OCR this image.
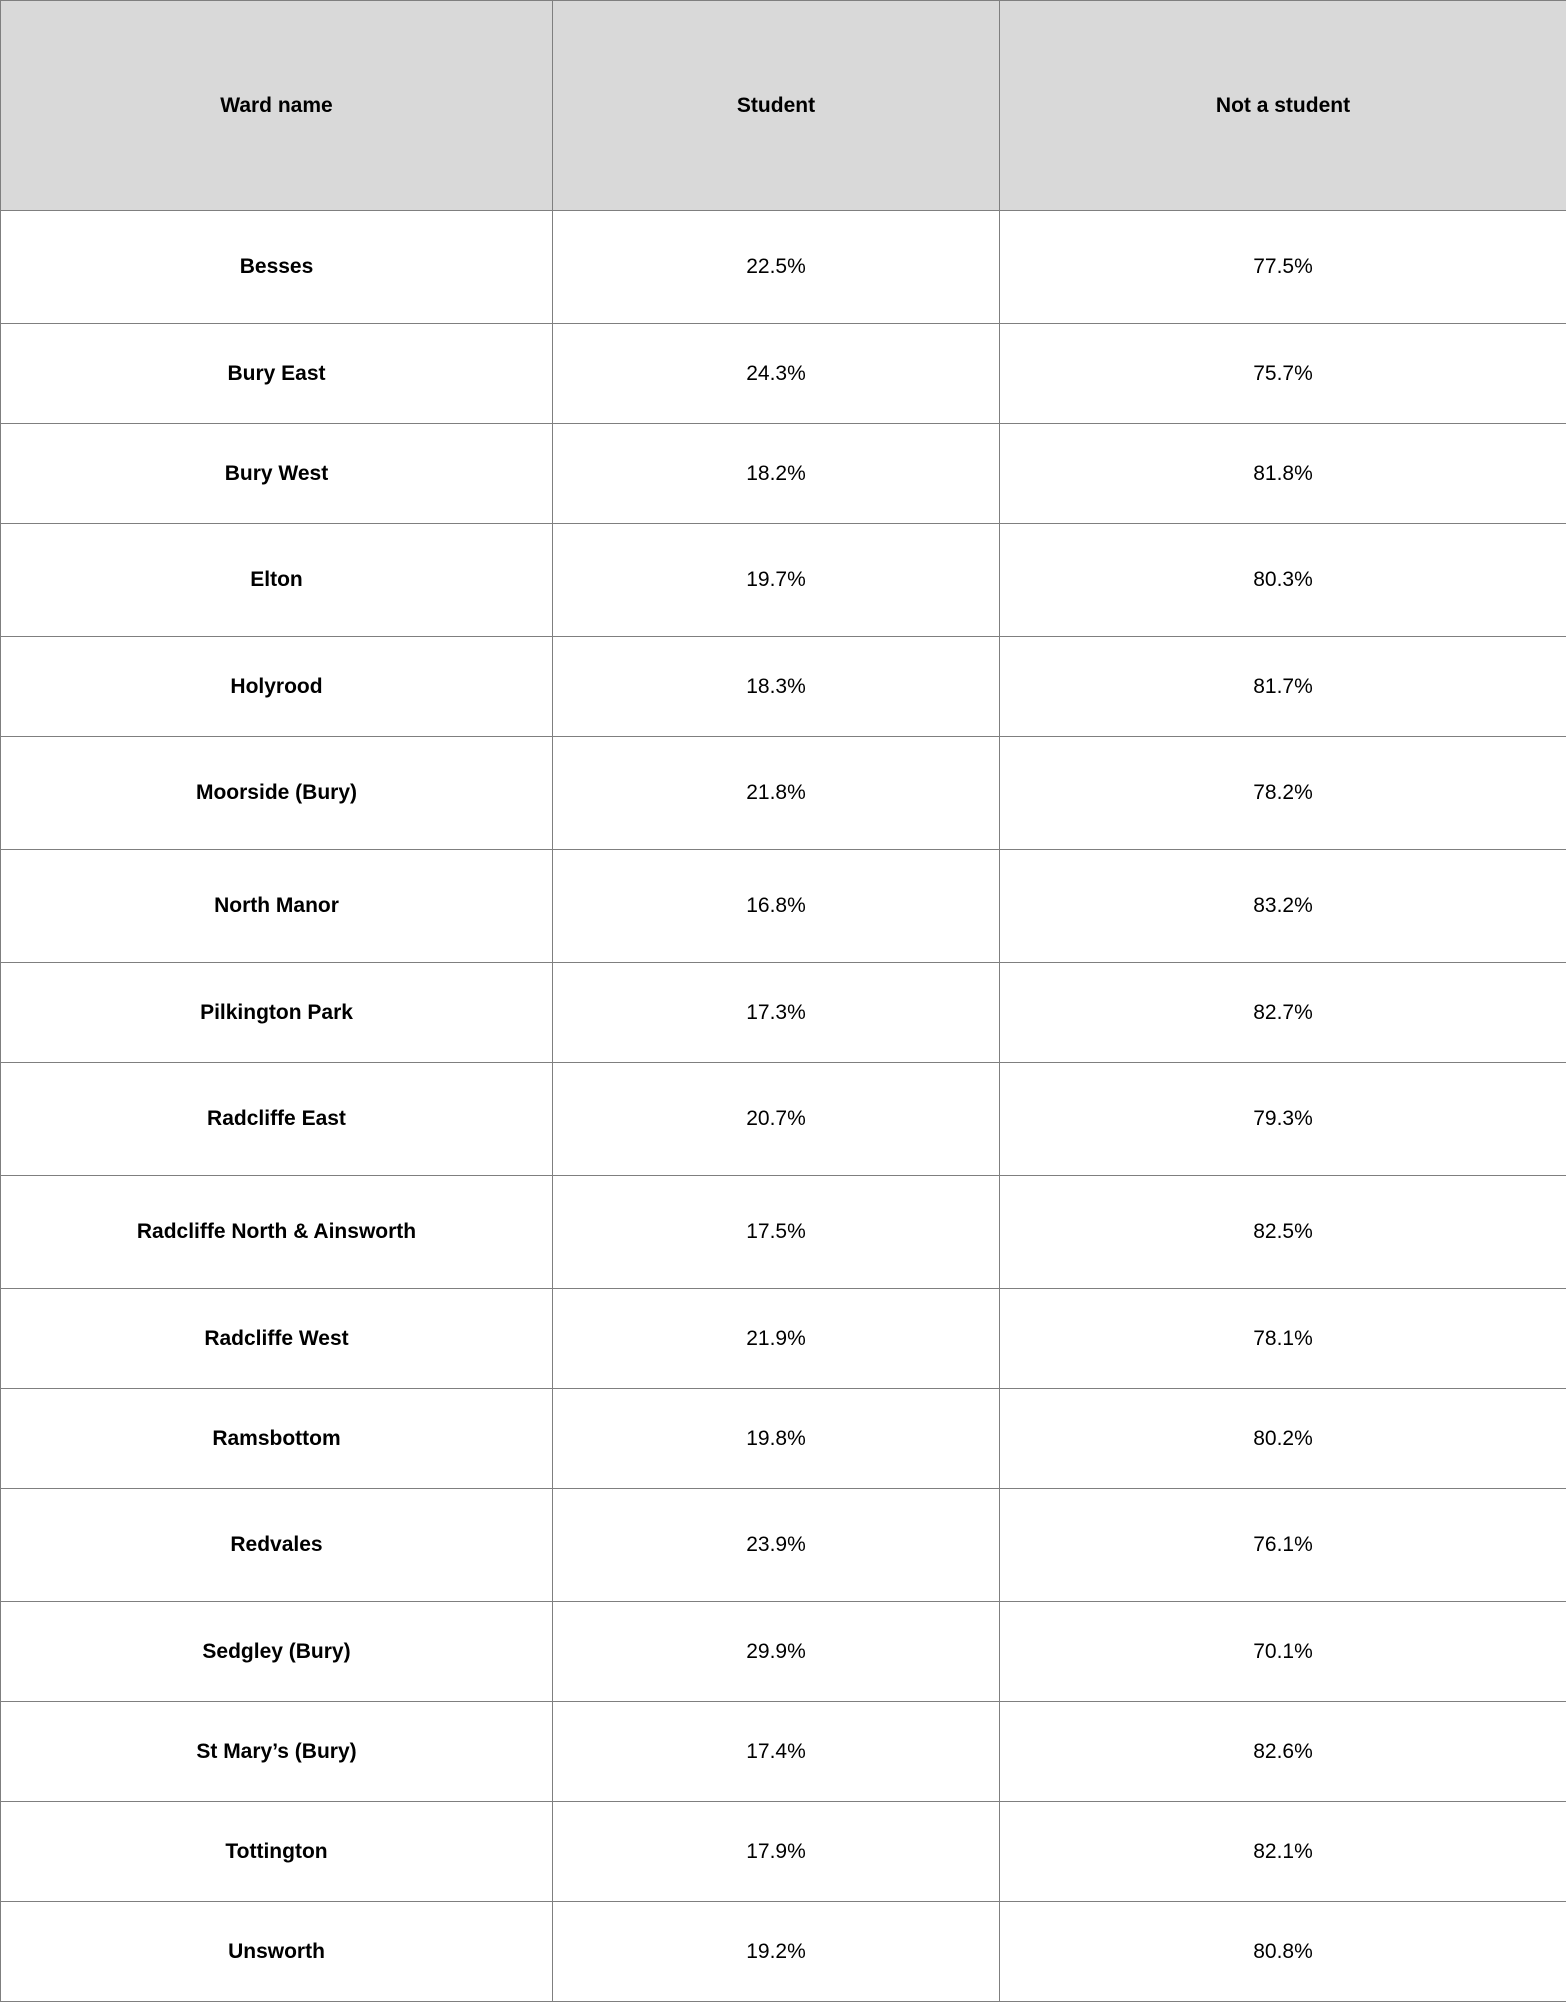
Ward name	Student	Not a student
Besses	22.5%	77.5%
Bury East	24.3%	75.7%
Bury West	18.2%	81.8%
Elton	19.7%	80.3%
Holyrood	18.3%	81.7%
Moorside (Bury)	21.8%	78.2%
North Manor	16.8%	83.2%
Pilkington Park	17.3%	82.7%
Radcliffe East	20.7%	79.3%
Radcliffe North & Ainsworth	17.5%	82.5%
Radcliffe West	21.9%	78.1%
Ramsbottom	19.8%	80.2%
Redvales	23.9%	76.1%
Sedgley (Bury)	29.9%	70.1%
St Mary’s (Bury)	17.4%	82.6%
Tottington	17.9%	82.1%
Unsworth	19.2%	80.8%
